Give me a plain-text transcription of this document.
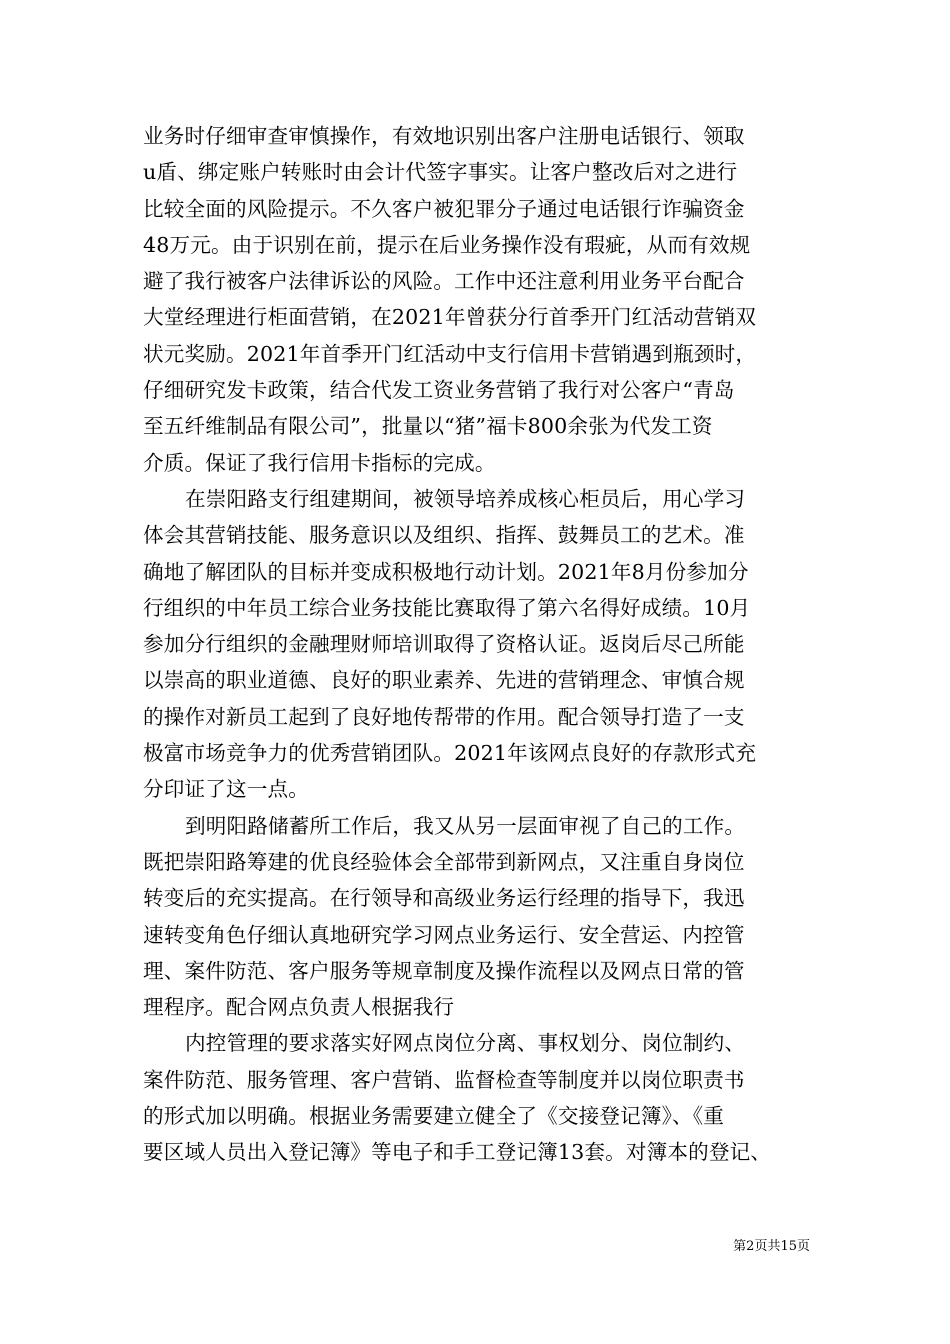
业务时仔细审查审慎操作，有效地识别出客户注册电话银行、领取
u盾、绑定账户转账时由会计代签字事实。让客户整改后对之进行
比较全面的风险提示。不久客户被犯罪分子通过电话银行诈骗资金
48万元。由于识别在前，提示在后业务操作没有瑕疵，从而有效规
避了我行被客户法律诉讼的风险。工作中还注意利用业务平台配合
大堂经理进行柜面营销，在2021年曾获分行首季开门红活动营销双
状元奖励。2021年首季开门红活动中支行信用卡营销遇到瓶颈时，
仔细研究发卡政策，结合代发工资业务营销了我行对公客户“青岛
至五纤维制品有限公司”，批量以“猪”福卡800余张为代发工资
介质。保证了我行信用卡指标的完成。
在崇阳路支行组建期间，被领导培养成核心柜员后，用心学习
体会其营销技能、服务意识以及组织、指挥、鼓舞员工的艺术。准
确地了解团队的目标并变成积极地行动计划。2021年8月份参加分
行组织的中年员工综合业务技能比赛取得了第六名得好成绩。10月
参加分行组织的金融理财师培训取得了资格认证。返岗后尽己所能
以崇高的职业道德、良好的职业素养、先进的营销理念、审慎合规
的操作对新员工起到了良好地传帮带的作用。配合领导打造了一支
极富市场竞争力的优秀营销团队。2021年该网点良好的存款形式充
分印证了这一点。
到明阳路储蓄所工作后，我又从另一层面审视了自己的工作。
既把崇阳路筹建的优良经验体会全部带到新网点，又注重自身岗位
转变后的充实提高。在行领导和高级业务运行经理的指导下，我迅
速转变角色仔细认真地研究学习网点业务运行、安全营运、内控管
理、案件防范、客户服务等规章制度及操作流程以及网点日常的管
理程序。配合网点负责人根据我行
内控管理的要求落实好网点岗位分离、事权划分、岗位制约、
案件防范、服务管理、客户营销、监督检查等制度并以岗位职责书
的形式加以明确。根据业务需要建立健全了《交接登记簿》、《重
要区域人员出入登记簿》等电子和手工登记簿13套。对簿本的登记、
第2页共15页
